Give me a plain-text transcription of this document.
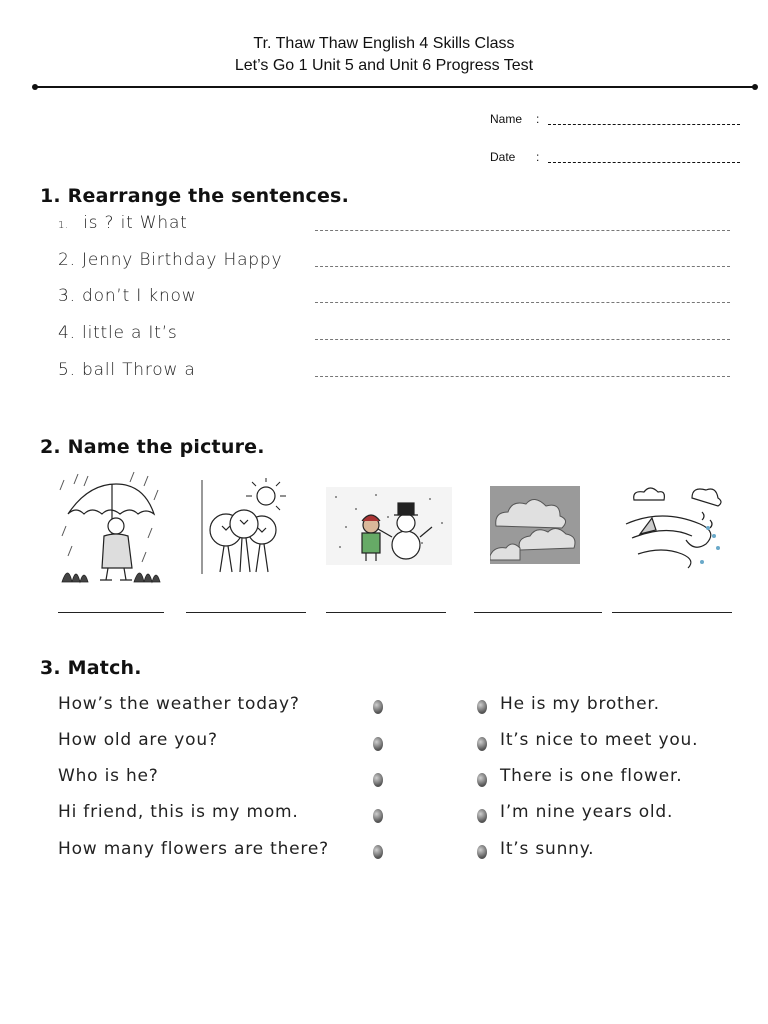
Tr. Thaw Thaw English 4 Skills Class
Let’s Go 1 Unit 5 and Unit 6 Progress Test
Name	:
Date	:
1. Rearrange the sentences.
1. is ? it What
2. Jenny Birthday Happy
3. don’t I know
4. little a It’s
5. ball Throw a
2. Name the picture.
3. Match.
How’s the weather today?
How old are you?
Who is he?
Hi friend, this is my mom.
How many flowers are there?
He is my brother.
It’s nice to meet you.
There is one flower.
I’m nine years old.
It’s sunny.
